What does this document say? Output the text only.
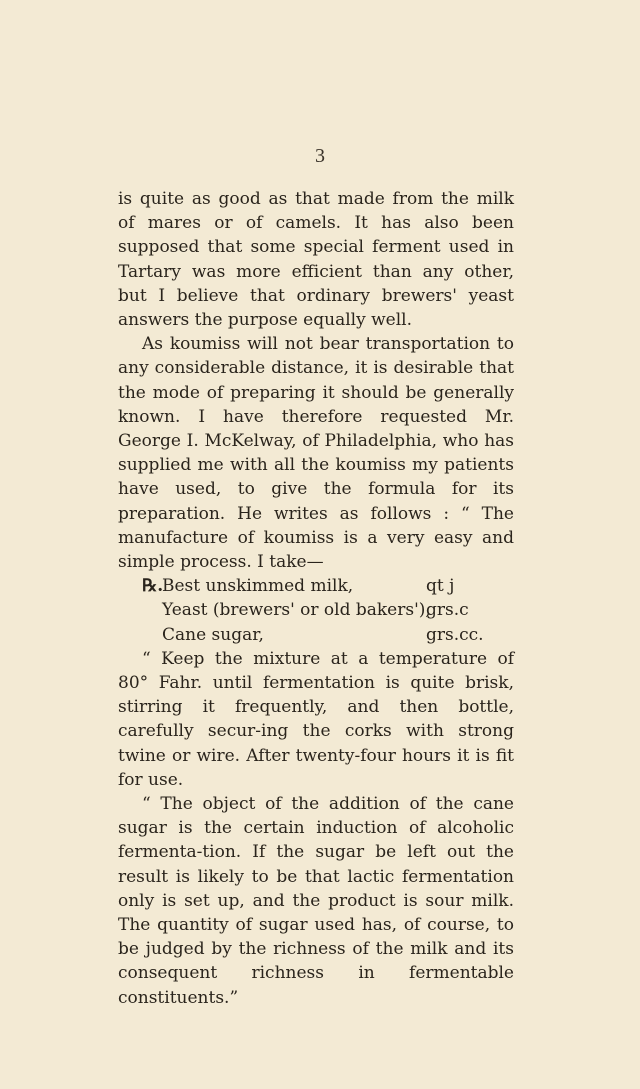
3

is quite as good as that made from the milk of mares or of camels. It has also been supposed that some special ferment used in Tartary was more efficient than any other, but I believe that ordinary brewers' yeast answers the purpose equally well.

As koumiss will not bear transportation to any considerable distance, it is desirable that the mode of preparing it should be generally known. I have therefore requested Mr. George I. McKelway, of Philadelphia, who has supplied me with all the koumiss my patients have used, to give the formula for its preparation. He writes as follows : “ The manufacture of koumiss is a very easy and simple process. I take—

℞.
Best unskimmed milk,	qt j
Yeast (brewers' or old bakers'),
grs.c
Cane sugar,	grs.cc.

“ Keep the mixture at a temperature of 80° Fahr. until fermentation is quite brisk, stirring it frequently, and then bottle, carefully secur-ing the corks with strong twine or wire. After twenty-four hours it is fit for use.

“ The object of the addition of the cane sugar is the certain induction of alcoholic fermenta-tion. If the sugar be left out the result is likely to be that lactic fermentation only is set up, and the product is sour milk. The quantity of sugar used has, of course, to be judged by the richness of the milk and its consequent richness in fermentable constituents.”
